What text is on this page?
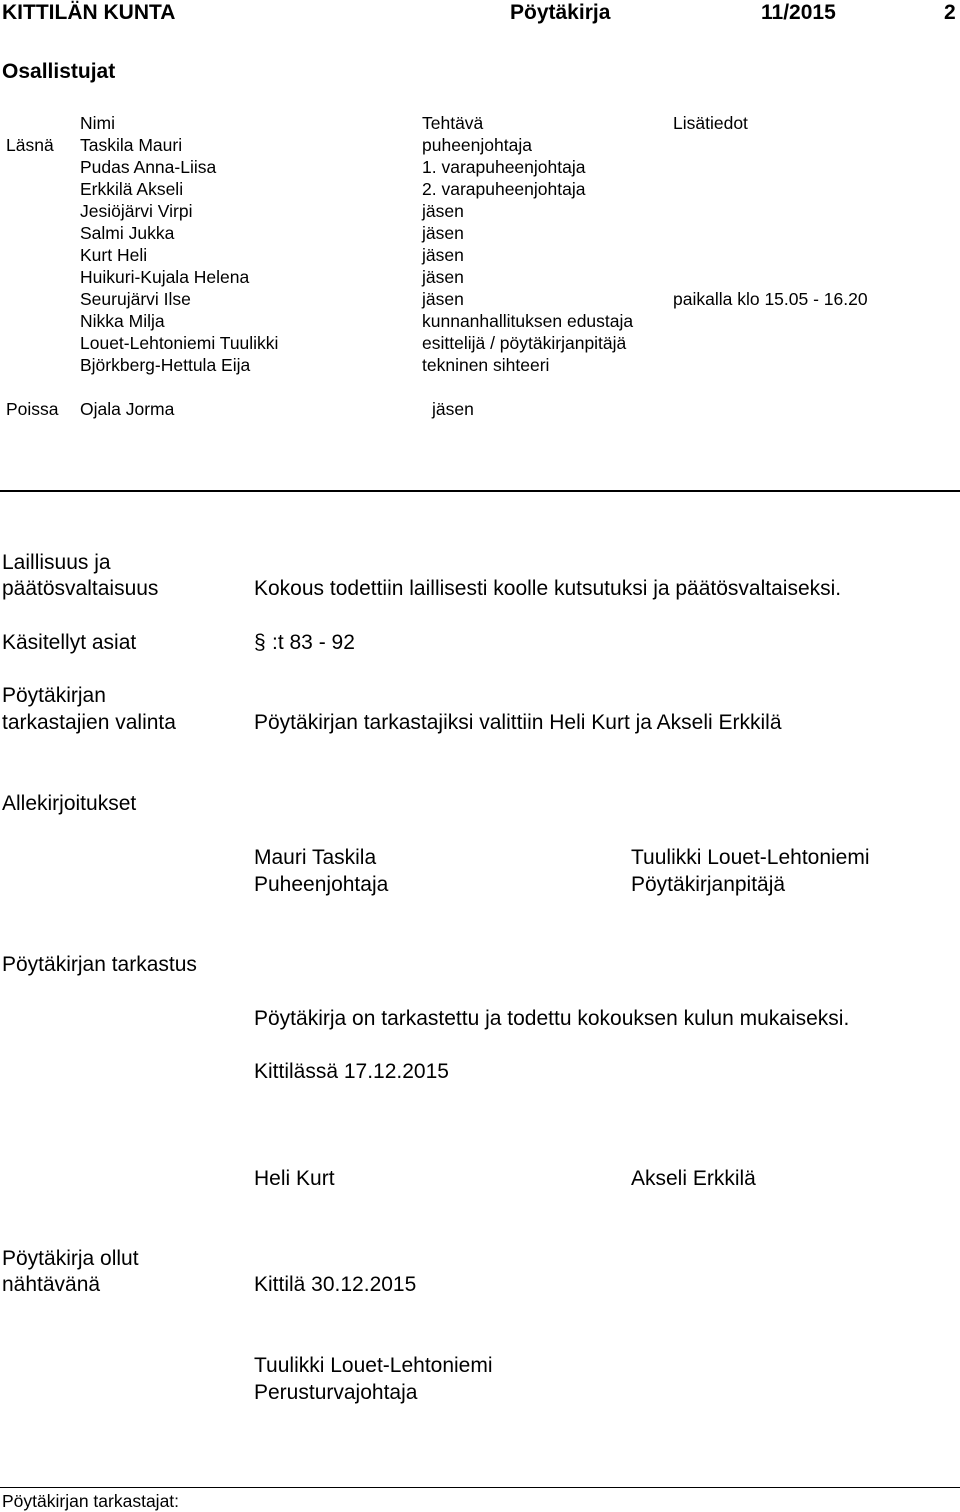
KITTILÄN KUNTA	Pöytäkirja	11/2015	2
Osallistujat
Nimi	Tehtävä	Lisätiedot
Läsnä Taskila Mauri	puheenjohtaja
Pudas Anna-Liisa	1. varapuheenjohtaja
Erkkilä Akseli	2. varapuheenjohtaja
Jesiöjärvi Virpi	jäsen
Salmi Jukka	jäsen
Kurt Heli	jäsen
Huikuri-Kujala Helena	jäsen
Seurujärvi Ilse	jäsen	paikalla klo 15.05 - 16.20
Nikka Milja	kunnanhallituksen edustaja
Louet-Lehtoniemi Tuulikki	esittelijä / pöytäkirjanpitäjä
Björkberg-Hettula Eija	tekninen sihteeri
Poissa Ojala Jorma	jäsen
Laillisuus ja
päätösvaltaisuus	Kokous todettiin laillisesti koolle kutsutuksi ja päätösvaltaiseksi.
Käsitellyt asiat	§ :t 83 - 92
Pöytäkirjan
tarkastajien valinta	Pöytäkirjan tarkastajiksi valittiin Heli Kurt ja Akseli Erkkilä
Allekirjoitukset
Mauri Taskila
Puheenjohtaja
Tuulikki Louet-Lehtoniemi
Pöytäkirjanpitäjä
Pöytäkirjan tarkastus
Pöytäkirja on tarkastettu ja todettu kokouksen kulun mukaiseksi.
Kittilässä 17.12.2015
Heli Kurt	Akseli Erkkilä
Pöytäkirja ollut
nähtävänä	Kittilä 30.12.2015
Tuulikki Louet-Lehtoniemi
Perusturvajohtaja
Pöytäkirjan tarkastajat:
